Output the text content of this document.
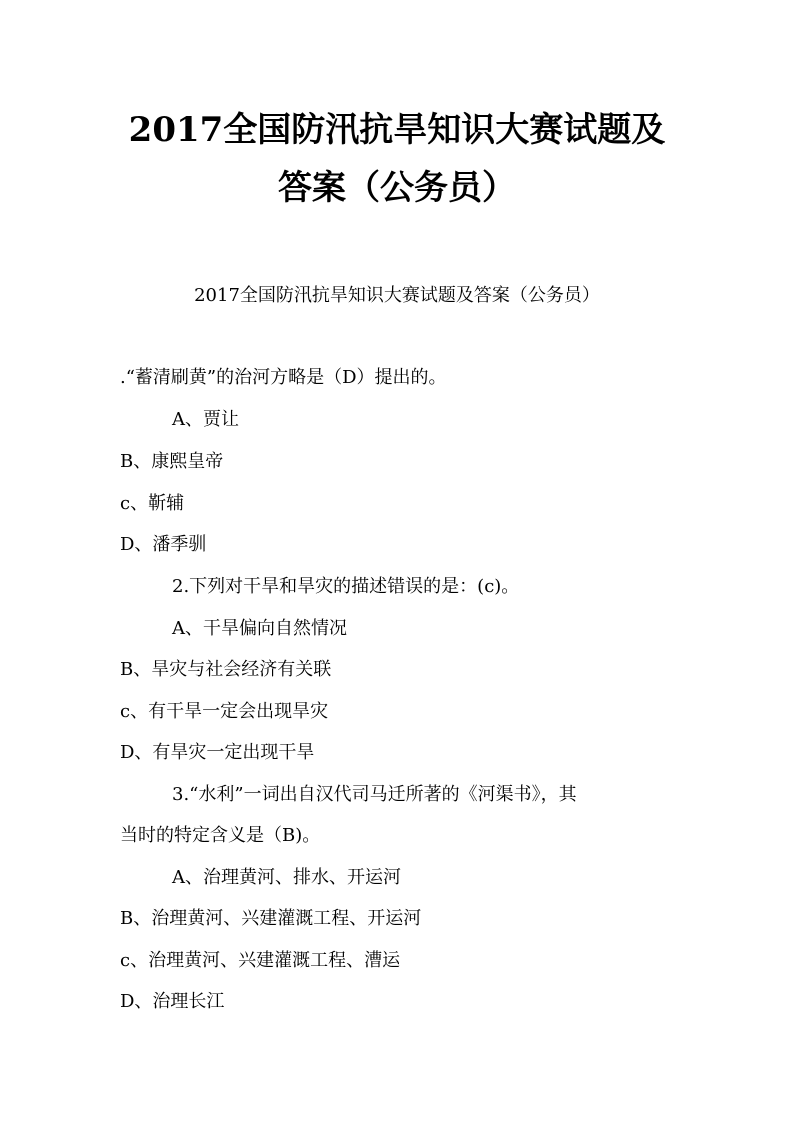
2017全国防汛抗旱知识大赛试题及
答案（公务员）

2017全国防汛抗旱知识大赛试题及答案（公务员）

.“蓄清刷黄”的治河方略是（D）提出的。

A、贾让

B、康熙皇帝

c、靳辅

D、潘季驯

2.下列对干旱和旱灾的描述错误的是：(c)。

A、干旱偏向自然情况

B、旱灾与社会经济有关联

c、有干旱一定会出现旱灾

D、有旱灾一定出现干旱

3.“水利”一词出自汉代司马迁所著的《河渠书》，其

当时的特定含义是（B)。

A、治理黄河、排水、开运河

B、治理黄河、兴建灌溉工程、开运河

c、治理黄河、兴建灌溉工程、漕运

D、治理长江
